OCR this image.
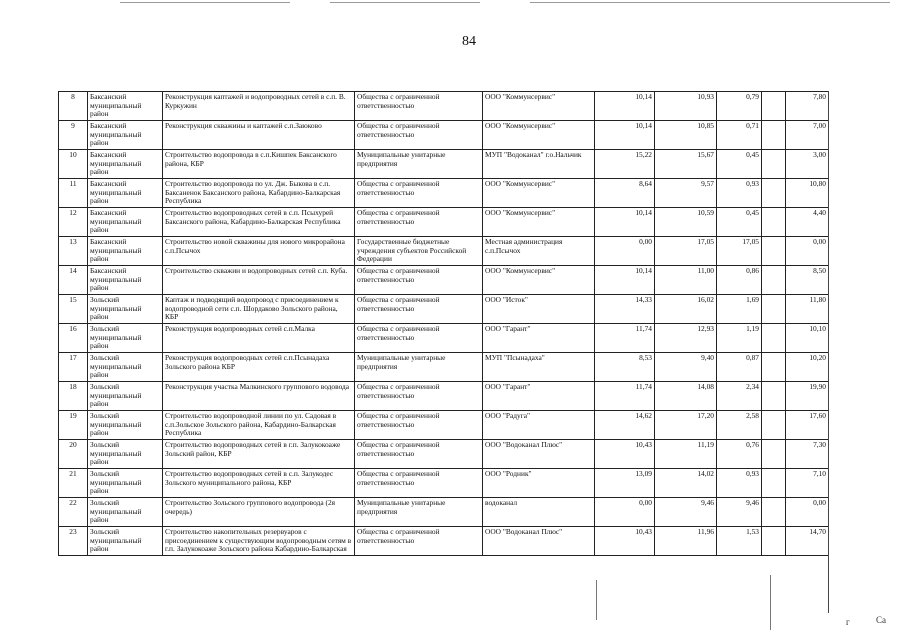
84
8	Баксанский муниципальный район	Реконструкция каптажей и водопроводных сетей в с.п. В. Куркужин	Общества с ограниченной ответственностью	ООО "Коммунсервис"	10,14	10,93	0,79		7,80
9	Баксанский муниципальный район	Реконструкция скважины и каптажей с.п.Заюково	Общества с ограниченной ответственностью	ООО "Коммунсервис"	10,14	10,85	0,71		7,00
10	Баксанский муниципальный район	Строительство водопровода в с.п.Кишпек Баксанского района, КБР	Муниципальные унитарные предприятия	МУП "Водоканал" г.о.Нальчик	15,22	15,67	0,45		3,00
11	Баксанский муниципальный район	Строительство водопровода по ул. Дж. Быкова в с.п. Баксаненок Баксанского района, Кабардино-Балкарская Республика	Общества с ограниченной ответственностью	ООО "Коммунсервис"	8,64	9,57	0,93		10,80
12	Баксанский муниципальный район	Строительство водопроводных сетей в с.п. Псыхурей Баксанского района, Кабардино-Балкарская Республика	Общества с ограниченной ответственностью	ООО "Коммунсервис"	10,14	10,59	0,45		4,40
13	Баксанский муниципальный район	Строительство новой скважины для нового микрорайона с.п.Псычох	Государственные бюджетные учреждения субъектов Российской Федерации	Местная администрация с.п.Псычох	0,00	17,05	17,05		0,00
14	Баксанский муниципальный район	Строительство скважин и водопроводных сетей с.п. Куба.	Общества с ограниченной ответственностью	ООО "Коммунсервис"	10,14	11,00	0,86		8,50
15	Зольский муниципальный район	Каптаж и подводящий водопровод с присоединением к водопроводной сети с.п. Шордаково Зольского района, КБР	Общества с ограниченной ответственностью	ООО "Исток"	14,33	16,02	1,69		11,80
16	Зольский муниципальный район	Реконструкция водопроводных сетей с.п.Малка	Общества с ограниченной ответственностью	ООО "Гарант"	11,74	12,93	1,19		10,10
17	Зольский муниципальный район	Реконструкция водопроводных сетей с.п.Псынадаха Зольского района КБР	Муниципальные унитарные предприятия	МУП "Псынадаха"	8,53	9,40	0,87		10,20
18	Зольский муниципальный район	Реконструкция участка Малкинского группового водовода	Общества с ограниченной ответственностью	ООО "Гарант"	11,74	14,08	2,34		19,90
19	Зольский муниципальный район	Строительство водопроводной линии по ул. Садовая в с.п.Зольское Зольского района, Кабардино-Балкарская Республика	Общества с ограниченной ответственностью	ООО "Радуга"	14,62	17,20	2,58		17,60
20	Зольский муниципальный район	Строительство водопроводных сетей в г.п. Залукокоаже Зольский район, КБР	Общества с ограниченной ответственностью	ООО "Водоканал Плюс"	10,43	11,19	0,76		7,30
21	Зольский муниципальный район	Строительство водопроводных сетей в с.п. Залукодес Зольского муниципального района, КБР	Общества с ограниченной ответственностью	ООО "Родник"	13,09	14,02	0,93		7,10
22	Зольский муниципальный район	Строительство Зольского группового водопровода (2я очередь)	Муниципальные унитарные предприятия	водоканал	0,00	9,46	9,46		0,00
23	Зольский муниципальный район	Строительство накопительных резервуаров с присоединением к существующим водопроводным сетям в г.п. Залукокоаже Зольского района Кабардино-Балкарская	Общества с ограниченной ответственностью	ООО "Водоканал Плюс"	10,43	11,96	1,53		14,70
г	Са
